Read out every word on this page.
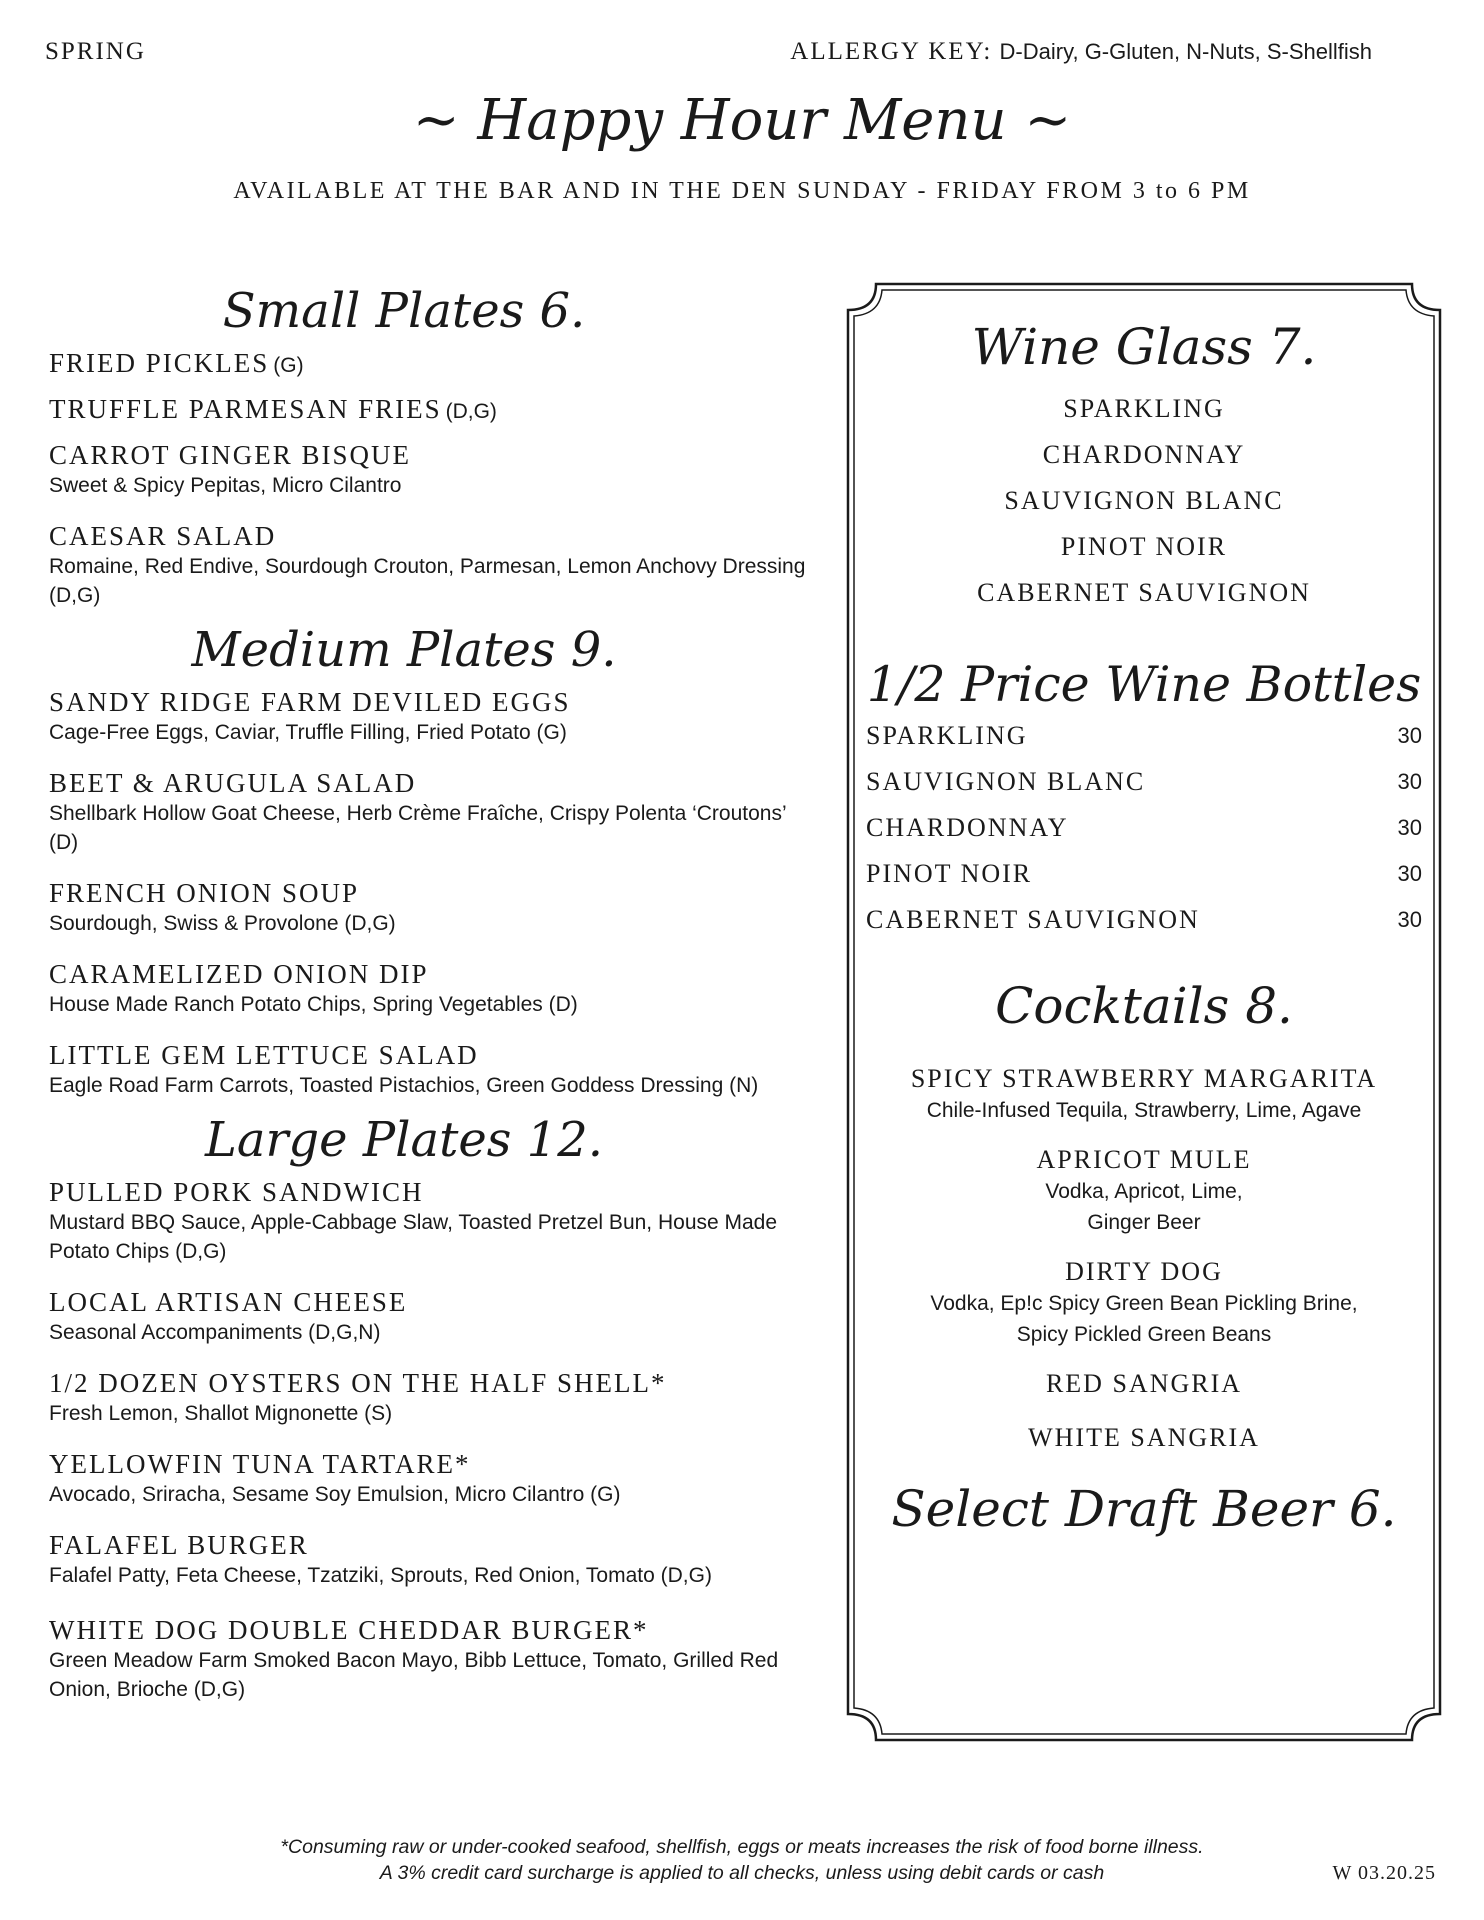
SPRING	ALLERGY KEY: D-Dairy, G-Gluten, N-Nuts, S-Shellfish
~ Happy Hour Menu ~
AVAILABLE AT THE BAR AND IN THE DEN SUNDAY - FRIDAY FROM 3 to 6 PM
Small Plates 6.
FRIED PICKLES (G)
TRUFFLE PARMESAN FRIES (D,G)
CARROT GINGER BISQUE
Sweet & Spicy Pepitas, Micro Cilantro
CAESAR SALAD
Romaine, Red Endive, Sourdough Crouton, Parmesan, Lemon Anchovy Dressing (D,G)
Medium Plates 9.
SANDY RIDGE FARM DEVILED EGGS
Cage-Free Eggs, Caviar, Truffle Filling, Fried Potato (G)
BEET & ARUGULA SALAD
Shellbark Hollow Goat Cheese, Herb Crème Fraîche, Crispy Polenta ‘Croutons’ (D)
FRENCH ONION SOUP
Sourdough, Swiss & Provolone (D,G)
CARAMELIZED ONION DIP
House Made Ranch Potato Chips, Spring Vegetables (D)
LITTLE GEM LETTUCE SALAD
Eagle Road Farm Carrots, Toasted Pistachios, Green Goddess Dressing (N)
Large Plates 12.
PULLED PORK SANDWICH
Mustard BBQ Sauce, Apple-Cabbage Slaw, Toasted Pretzel Bun, House Made Potato Chips (D,G)
LOCAL ARTISAN CHEESE
Seasonal Accompaniments (D,G,N)
1/2 DOZEN OYSTERS ON THE HALF SHELL*
Fresh Lemon, Shallot Mignonette (S)
YELLOWFIN TUNA TARTARE*
Avocado, Sriracha, Sesame Soy Emulsion, Micro Cilantro (G)
FALAFEL BURGER
Falafel Patty, Feta Cheese, Tzatziki, Sprouts, Red Onion, Tomato (D,G)
WHITE DOG DOUBLE CHEDDAR BURGER*
Green Meadow Farm Smoked Bacon Mayo, Bibb Lettuce, Tomato, Grilled Red Onion, Brioche (D,G)
Wine Glass 7.
SPARKLING
CHARDONNAY
SAUVIGNON BLANC
PINOT NOIR
CABERNET SAUVIGNON
1/2 Price Wine Bottles
SPARKLING	30
SAUVIGNON BLANC	30
CHARDONNAY	30
PINOT NOIR	30
CABERNET SAUVIGNON	30
Cocktails 8.
SPICY STRAWBERRY MARGARITA
Chile-Infused Tequila, Strawberry, Lime, Agave
APRICOT MULE
Vodka, Apricot, Lime,
Ginger Beer
DIRTY DOG
Vodka, Ep!c Spicy Green Bean Pickling Brine,
Spicy Pickled Green Beans
RED SANGRIA
WHITE SANGRIA
Select Draft Beer 6.
*Consuming raw or under-cooked seafood, shellfish, eggs or meats increases the risk of food borne illness.
A 3% credit card surcharge is applied to all checks, unless using debit cards or cash	W 03.20.25
